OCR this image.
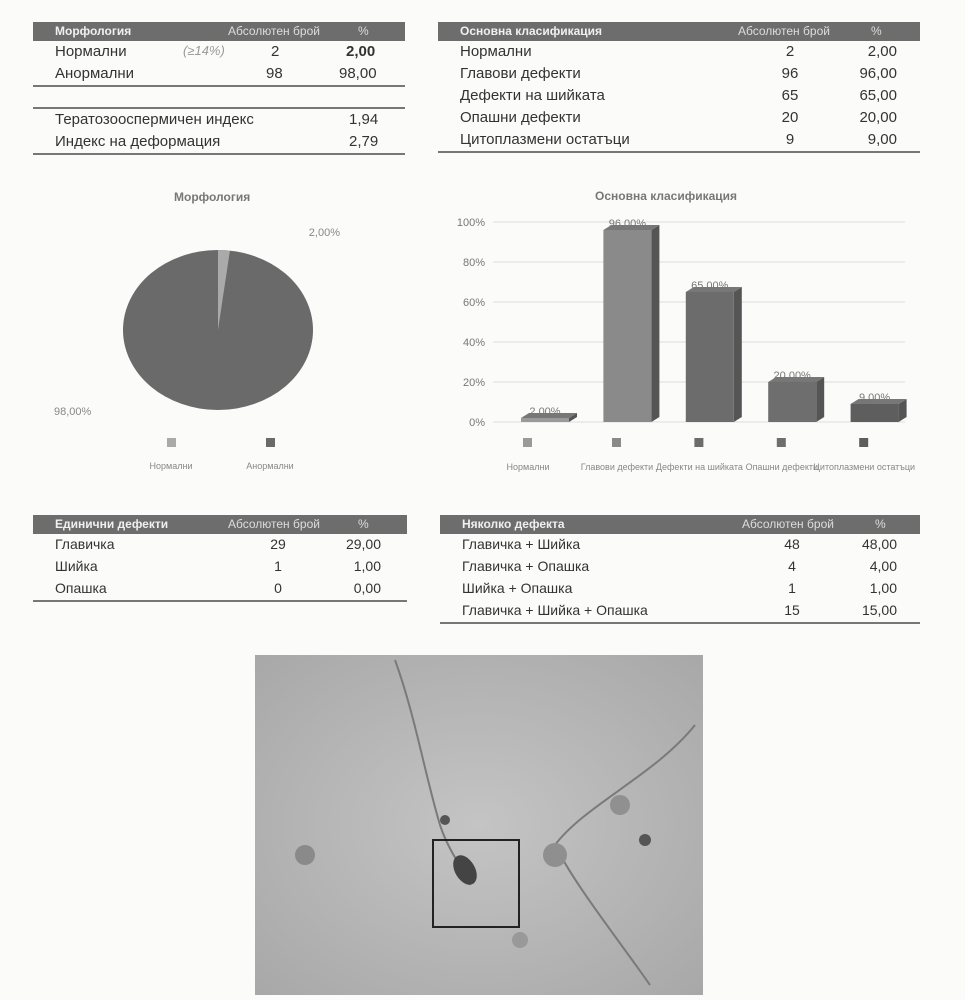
Морфология	Абсолютен брой	%
Нормални	(≥14%)	2	2,00
Анормални	98	98,00
Тератозооспермичен индекс	1,94
Индекс на деформация	2,79
Основна класификация	Абсолютен брой	%
Нормални	2	2,00
Главови дефекти	96	96,00
Дефекти на шийката	65	65,00
Опашни дефекти	20	20,00
Цитоплазмени остатъци	9	9,00
Морфология
2,00%
98,00%
Нормални	Анормални
Основна класификация
0%
20%
40%
60%
80%
100%
2,00%
Нормални
96,00%
Главови дефекти
65,00%
Дефекти на шийката
20,00%
Опашни дефекти
9,00%
Цитоплазмени остатъци
Единични дефекти	Абсолютен брой	%
Главичка	29	29,00
Шийка	1	1,00
Опашка	0	0,00
Няколко дефекта	Абсолютен брой	%
Главичка + Шийка	48	48,00
Главичка + Опашка	4	4,00
Шийка + Опашка	1	1,00
Главичка + Шийка + Опашка	15	15,00
